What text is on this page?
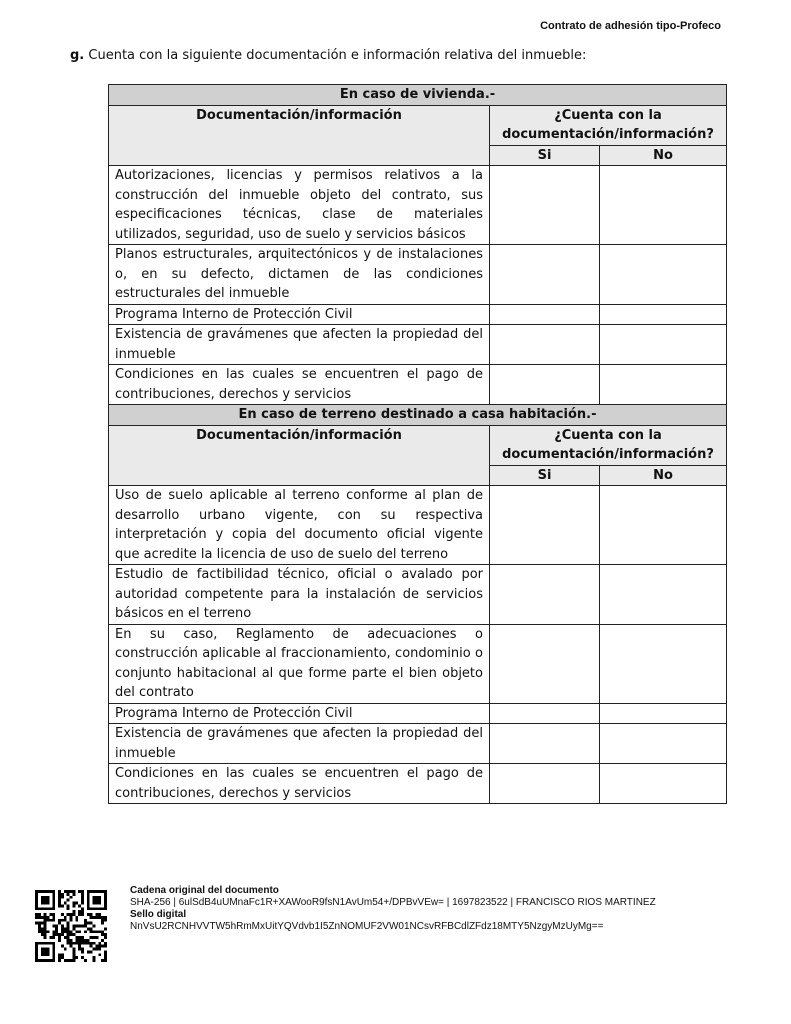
Contrato de adhesión tipo-Profeco
g. Cuenta con la siguiente documentación e información relativa del inmueble:
En caso de vivienda.-		
Documentación/información	¿Cuenta con la documentación/información?	
	Si	No
Autorizaciones, licencias y permisos relativos a la construcción del inmueble objeto del contrato, sus especificaciones técnicas, clase de materiales utilizados, seguridad, uso de suelo y servicios básicos		
Planos estructurales, arquitectónicos y de instalaciones o, en su defecto, dictamen de las condiciones estructurales del inmueble		
Programa Interno de Protección Civil		
Existencia de gravámenes que afecten la propiedad del inmueble		
Condiciones en las cuales se encuentren el pago de contribuciones, derechos y servicios		
En caso de terreno destinado a casa habitación.-		
Documentación/información	¿Cuenta con la documentación/información?	
	Si	No
Uso de suelo aplicable al terreno conforme al plan de desarrollo urbano vigente, con su respectiva interpretación y copia del documento oficial vigente que acredite la licencia de uso de suelo del terreno		
Estudio de factibilidad técnico, oficial o avalado por autoridad competente para la instalación de servicios básicos en el terreno		
En su caso, Reglamento de adecuaciones o construcción aplicable al fraccionamiento, condominio o conjunto habitacional al que forme parte el bien objeto del contrato		
Programa Interno de Protección Civil		
Existencia de gravámenes que afecten la propiedad del inmueble		
Condiciones en las cuales se encuentren el pago de contribuciones, derechos y servicios		
Cadena original del documento
SHA-256 | 6ulSdB4uUMnaFc1R+XAWooR9fsN1AvUm54+/DPBvVEw= | 1697823522 | FRANCISCO RIOS MARTINEZ
Sello digital
NnVsU2RCNHVVTW5hRmMxUitYQVdvb1I5ZnNOMUF2VW01NCsvRFBCdlZFdz18MTY5NzgyMzUyMg==
